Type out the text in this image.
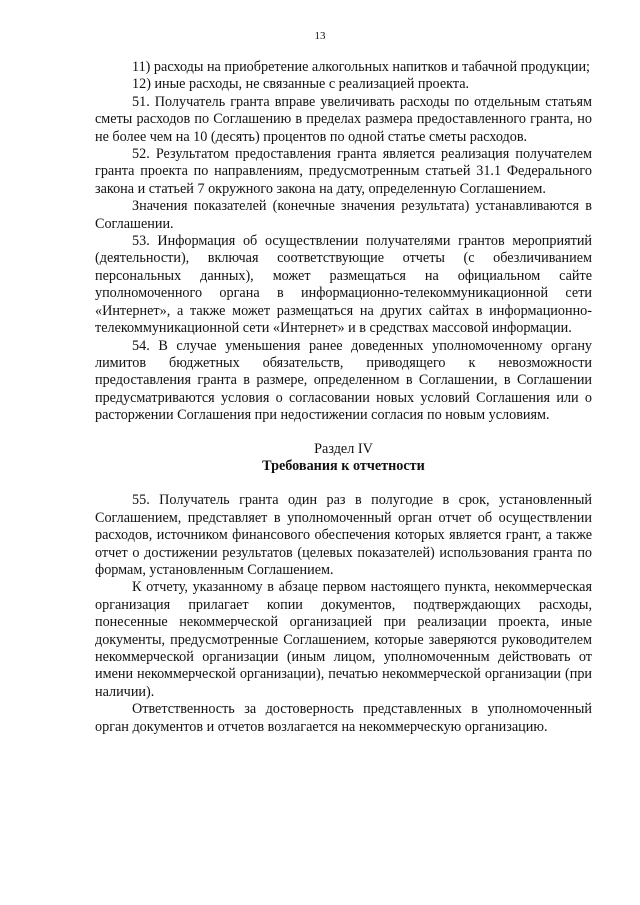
13

11) расходы на приобретение алкогольных напитков и табачной продукции;

12) иные расходы, не связанные с реализацией проекта.

51. Получатель гранта вправе увеличивать расходы по отдельным статьям сметы расходов по Соглашению в пределах размера предоставленного гранта, но не более чем на 10 (десять) процентов по одной статье сметы расходов.

52. Результатом предоставления гранта является реализация получателем гранта проекта по направлениям, предусмотренным статьей 31.1 Федерального закона и статьей 7 окружного закона на дату, определенную Соглашением.

Значения показателей (конечные значения результата) устанавливаются в Соглашении.

53. Информация об осуществлении получателями грантов мероприятий (деятельности), включая соответствующие отчеты (с обезличиванием персональных данных), может размещаться на официальном сайте уполномоченного органа в информационно-телекоммуникационной сети «Интернет», а также может размещаться на других сайтах в информационно-телекоммуникационной сети «Интернет» и в средствах массовой информации.

54. В случае уменьшения ранее доведенных уполномоченному органу лимитов бюджетных обязательств, приводящего к невозможности предоставления гранта в размере, определенном в Соглашении, в Соглашении предусматриваются условия о согласовании новых условий Соглашения или о расторжении Соглашения при недостижении согласия по новым условиям.

Раздел IV
Требования к отчетности

55. Получатель гранта один раз в полугодие в срок, установленный Соглашением, представляет в уполномоченный орган отчет об осуществлении расходов, источником финансового обеспечения которых является грант, а также отчет о достижении результатов (целевых показателей) использования гранта по формам, установленным Соглашением.

К отчету, указанному в абзаце первом настоящего пункта, некоммерческая организация прилагает копии документов, подтверждающих расходы, понесенные некоммерческой организацией при реализации проекта, иные документы, предусмотренные Соглашением, которые заверяются руководителем некоммерческой организации (иным лицом, уполномоченным действовать от имени некоммерческой организации), печатью некоммерческой организации (при наличии).

Ответственность за достоверность представленных в уполномоченный орган документов и отчетов возлагается на некоммерческую организацию.
